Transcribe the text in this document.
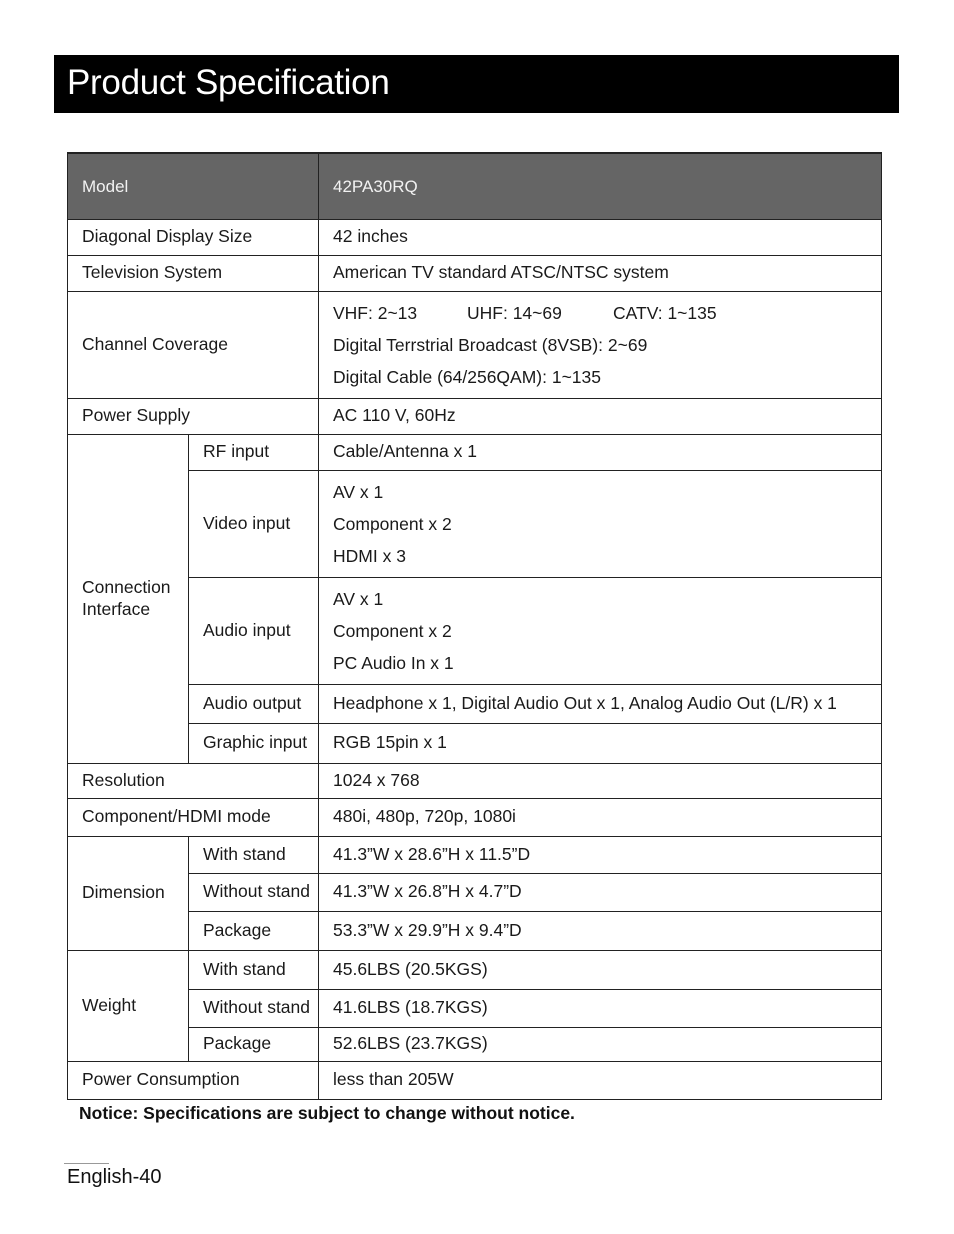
Product Specification
Model		42PA30RQ
Diagonal Display Size		42 inches
Television System		American TV standard ATSC/NTSC system
Channel Coverage		VHF: 2~13 UHF: 14~69 CATV: 1~135
Digital Terrstrial Broadcast (8VSB): 2~69
Digital Cable (64/256QAM): 1~135

Power Supply		AC 110 V, 60Hz

Connection
Interface	RF input	Cable/Antenna x 1
	Video input	AV x 1
Component x 2
HDMI x 3

	Audio input	AV x 1
Component x 2
PC Audio In x 1

	Audio output	Headphone x 1, Digital Audio Out x 1, Analog Audio Out (L/R) x 1
	Graphic input	RGB 15pin x 1
Resolution		1024 x 768
Component/HDMI mode		480i, 480p, 720p, 1080i
Dimension	With stand	41.3”W x 28.6”H x 11.5”D
	Without stand	41.3”W x 26.8”H x 4.7”D
	Package	53.3”W x 29.9”H x 9.4”D
Weight	With stand	45.6LBS (20.5KGS)
	Without stand	41.6LBS (18.7KGS)
	Package	52.6LBS (23.7KGS)
Power Consumption		less than 205W
Notice: Specifications are subject to change without notice.
English-40
